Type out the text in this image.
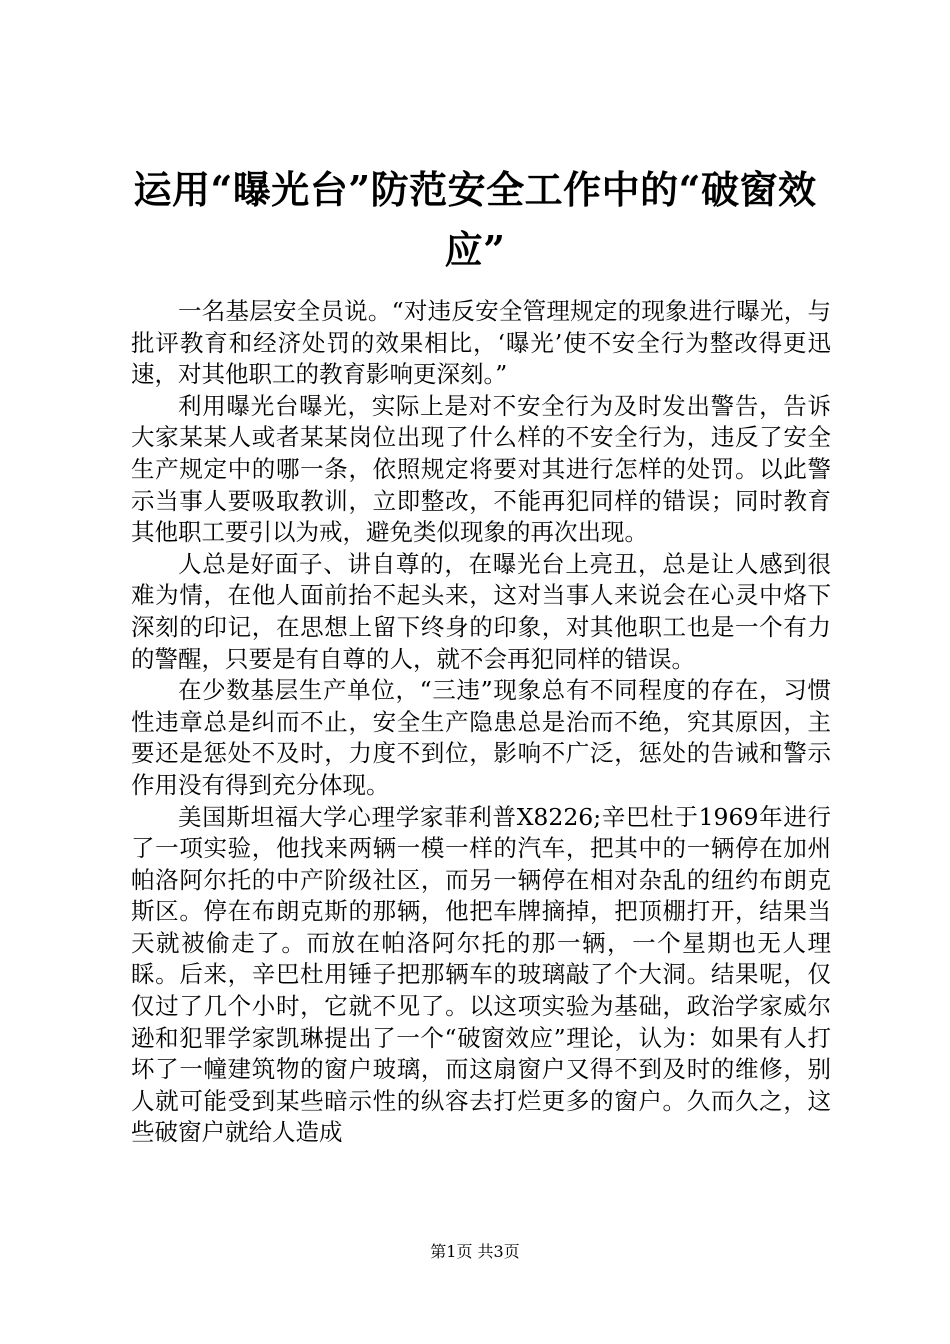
运用“曝光台”防范安全工作中的“破窗效应”

一名基层安全员说。“对违反安全管理规定的现象进行曝光，与批评教育和经济处罚的效果相比，‘曝光’使不安全行为整改得更迅速，对其他职工的教育影响更深刻。”

利用曝光台曝光，实际上是对不安全行为及时发出警告，告诉大家某某人或者某某岗位出现了什么样的不安全行为，违反了安全生产规定中的哪一条，依照规定将要对其进行怎样的处罚。以此警示当事人要吸取教训，立即整改，不能再犯同样的错误；同时教育其他职工要引以为戒，避免类似现象的再次出现。

人总是好面子、讲自尊的，在曝光台上亮丑，总是让人感到很难为情，在他人面前抬不起头来，这对当事人来说会在心灵中烙下深刻的印记，在思想上留下终身的印象，对其他职工也是一个有力的警醒，只要是有自尊的人，就不会再犯同样的错误。

在少数基层生产单位，“三违”现象总有不同程度的存在，习惯性违章总是纠而不止，安全生产隐患总是治而不绝，究其原因，主要还是惩处不及时，力度不到位，影响不广泛，惩处的告诫和警示作用没有得到充分体现。

美国斯坦福大学心理学家菲利普X8226;辛巴杜于1969年进行了一项实验，他找来两辆一模一样的汽车，把其中的一辆停在加州帕洛阿尔托的中产阶级社区，而另一辆停在相对杂乱的纽约布朗克斯区。停在布朗克斯的那辆，他把车牌摘掉，把顶棚打开，结果当天就被偷走了。而放在帕洛阿尔托的那一辆，一个星期也无人理睬。后来，辛巴杜用锤子把那辆车的玻璃敲了个大洞。结果呢，仅仅过了几个小时，它就不见了。以这项实验为基础，政治学家威尔逊和犯罪学家凯琳提出了一个“破窗效应”理论，认为：如果有人打坏了一幢建筑物的窗户玻璃，而这扇窗户又得不到及时的维修，别人就可能受到某些暗示性的纵容去打烂更多的窗户。久而久之，这些破窗户就给人造成

第1页 共3页
